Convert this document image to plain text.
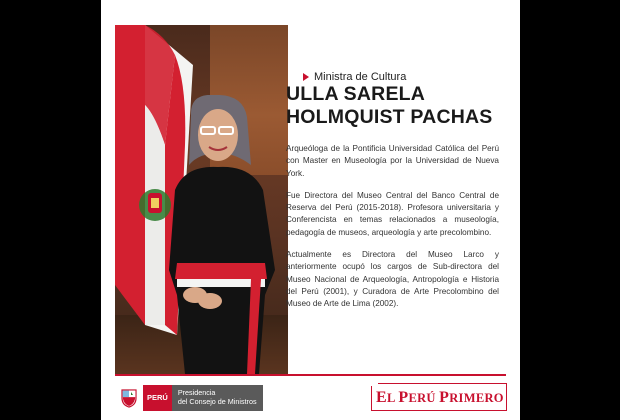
Ministra de Cultura
ULLA SARELA
HOLMQUIST PACHAS

Arqueóloga de la Pontificia Universidad Católica del Perú con Master en Museología por la Universidad de Nueva York.

Fue Directora del Museo Central del Banco Central de Reserva del Perú (2015-2018). Profesora universitaria y Conferencista en temas relacionados a museología, pedagogía de museos, arqueología y arte precolombino.

Actualmente es Directora del Museo Larco y anteriormente ocupó los cargos de Sub-directora del Museo Nacional de Arqueología, Antropología e Historia del Perú (2001), y Curadora de Arte Precolombino del Museo de Arte de Lima (2002).

PERÚ
Presidencia
del Consejo de Ministros	EL PERÚ PRIMERO
